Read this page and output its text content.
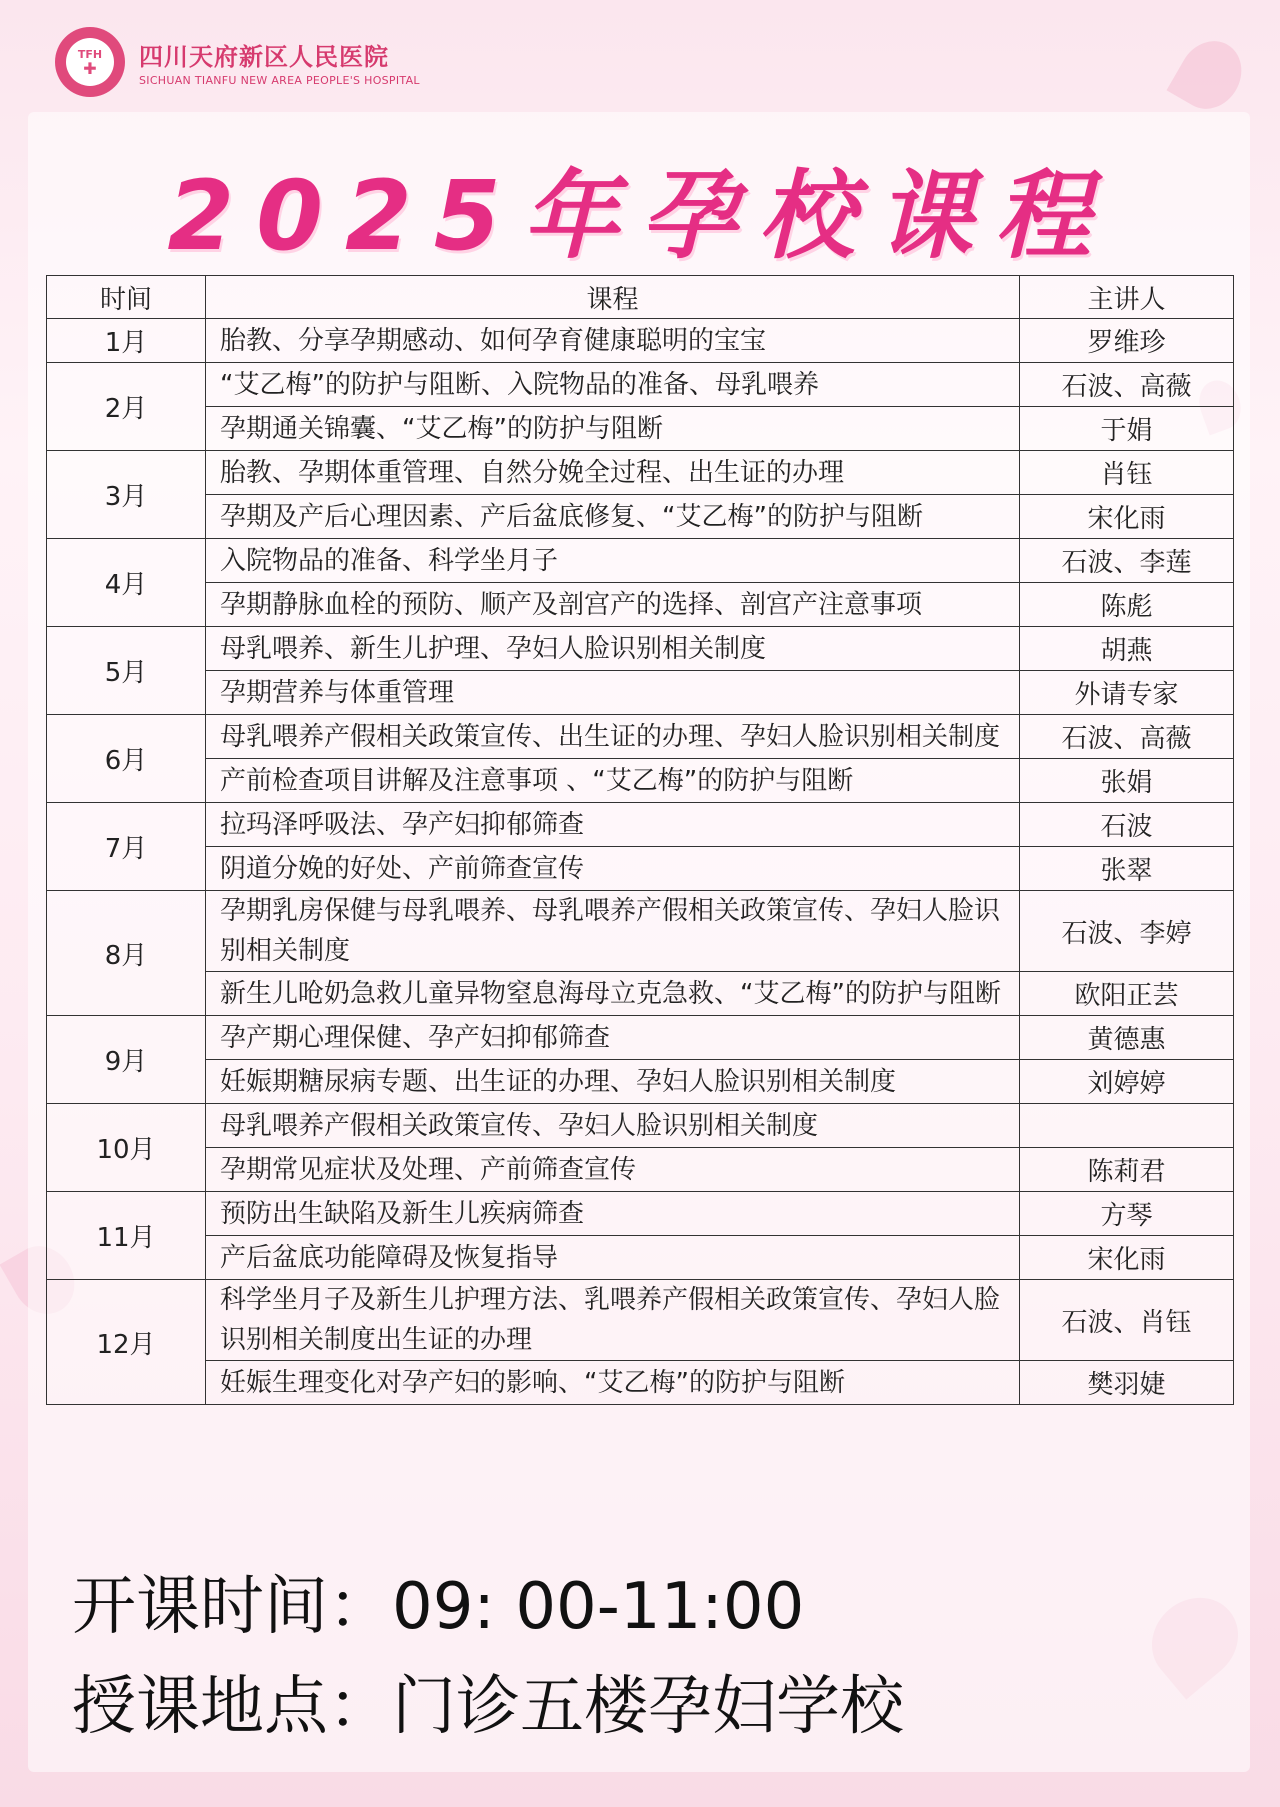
TFH
✚ 四川天府新区人民医院
SICHUAN TIANFU NEW AREA PEOPLE'S HOSPITAL
2025年孕校课程
时间	课程	主讲人
1月	胎教、分享孕期感动、如何孕育健康聪明的宝宝	罗维珍
2月	“艾乙梅”的防护与阻断、入院物品的准备、母乳喂养	石波、高薇
	孕期通关锦囊、“艾乙梅”的防护与阻断	于娟
3月	胎教、孕期体重管理、自然分娩全过程、出生证的办理	肖钰
	孕期及产后心理因素、产后盆底修复、“艾乙梅”的防护与阻断	宋化雨
4月	入院物品的准备、科学坐月子	石波、李莲
	孕期静脉血栓的预防、顺产及剖宫产的选择、剖宫产注意事项	陈彪
5月	母乳喂养、新生儿护理、孕妇人脸识别相关制度	胡燕
	孕期营养与体重管理	外请专家
6月	母乳喂养产假相关政策宣传、出生证的办理、孕妇人脸识别相关制度	石波、高薇
	产前检查项目讲解及注意事项 、“艾乙梅”的防护与阻断	张娟
7月	拉玛泽呼吸法、孕产妇抑郁筛查	石波
	阴道分娩的好处、产前筛查宣传	张翠
8月	孕期乳房保健与母乳喂养、母乳喂养产假相关政策宣传、孕妇人脸识别相关制度	石波、李婷
	新生儿呛奶急救儿童异物窒息海母立克急救、“艾乙梅”的防护与阻断	欧阳正芸
9月	孕产期心理保健、孕产妇抑郁筛查	黄德惠
	妊娠期糖尿病专题、出生证的办理、孕妇人脸识别相关制度	刘婷婷
10月	母乳喂养产假相关政策宣传、孕妇人脸识别相关制度	
	孕期常见症状及处理、产前筛查宣传	陈莉君
11月	预防出生缺陷及新生儿疾病筛查	方琴
	产后盆底功能障碍及恢复指导	宋化雨
12月	科学坐月子及新生儿护理方法、乳喂养产假相关政策宣传、孕妇人脸识别相关制度出生证的办理	石波、肖钰
	妊娠生理变化对孕产妇的影响、“艾乙梅”的防护与阻断	樊羽婕
开课时间：09: 00-11:00
授课地点：门诊五楼孕妇学校
